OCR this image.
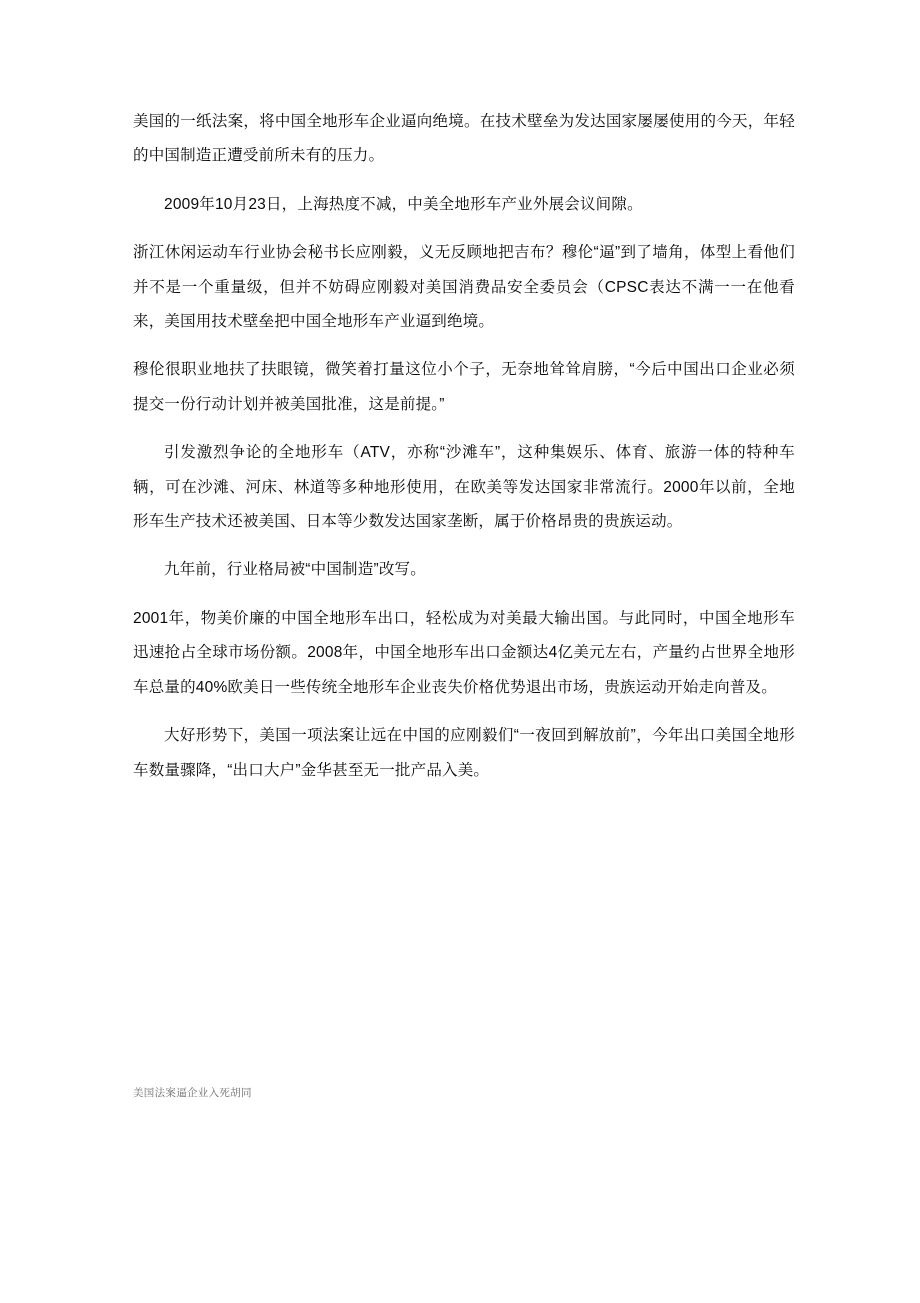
美国的一纸法案，将中国全地形车企业逼向绝境。在技术壁垒为发达国家屡屡使用的今天，年轻的中国制造正遭受前所未有的压力。

2009年10月23日，上海热度不减，中美全地形车产业外展会议间隙。

浙江休闲运动车行业协会秘书长应刚毅，义无反顾地把吉布？穆伦“逼”到了墙角，体型上看他们并不是一个重量级，但并不妨碍应刚毅对美国消费品安全委员会（CPSC表达不满一一在他看来，美国用技术壁垒把中国全地形车产业逼到绝境。

穆伦很职业地扶了扶眼镜，微笑着打量这位小个子，无奈地耸耸肩膀，“今后中国出口企业必须提交一份行动计划并被美国批准，这是前提。”

引发激烈争论的全地形车（ATV，亦称“沙滩车”，这种集娱乐、体育、旅游一体的特种车辆，可在沙滩、河床、林道等多种地形使用，在欧美等发达国家非常流行。2000年以前，全地形车生产技术还被美国、日本等少数发达国家垄断，属于价格昂贵的贵族运动。

九年前，行业格局被“中国制造”改写。

2001年，物美价廉的中国全地形车出口，轻松成为对美最大输出国。与此同时，中国全地形车迅速抢占全球市场份额。2008年，中国全地形车出口金额达4亿美元左右，产量约占世界全地形车总量的40%欧美日一些传统全地形车企业丧失价格优势退出市场，贵族运动开始走向普及。

大好形势下，美国一项法案让远在中国的应刚毅们“一夜回到解放前”，今年出口美国全地形车数量骤降，“出口大户”金华甚至无一批产品入美。

美国法案逼企业入死胡同
